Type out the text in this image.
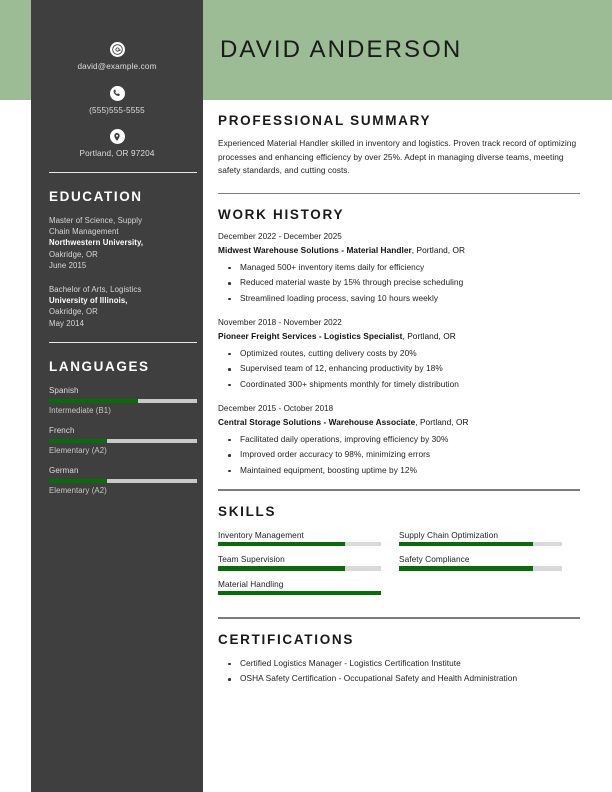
david@example.com
(555)555-5555
Portland, OR 97204
EDUCATION
Master of Science, Supply
Chain Management
Northwestern University,
Oakridge, OR
June 2015
Bachelor of Arts, Logistics
University of Illinois,
Oakridge, OR
May 2014
LANGUAGES
Spanish
Intermediate (B1)
French
Elementary (A2)
German
Elementary (A2)
DAVID ANDERSON
PROFESSIONAL SUMMARY

Experienced Material Handler skilled in inventory and logistics. Proven track record of optimizing processes and enhancing efficiency by over 25%. Adept in managing diverse teams, meeting safety standards, and cutting costs.

WORK HISTORY
December 2022 - December 2025
Midwest Warehouse Solutions - Material Handler, Portland, OR
Managed 500+ inventory items daily for efficiency
Reduced material waste by 15% through precise scheduling
Streamlined loading process, saving 10 hours weekly
November 2018 - November 2022
Pioneer Freight Services - Logistics Specialist, Portland, OR
Optimized routes, cutting delivery costs by 20%
Supervised team of 12, enhancing productivity by 18%
Coordinated 300+ shipments monthly for timely distribution
December 2015 - October 2018
Central Storage Solutions - Warehouse Associate, Portland, OR
Facilitated daily operations, improving efficiency by 30%
Improved order accuracy to 98%, minimizing errors
Maintained equipment, boosting uptime by 12%
SKILLS
Inventory Management
Team Supervision
Material Handling
Supply Chain Optimization
Safety Compliance
CERTIFICATIONS
Certified Logistics Manager - Logistics Certification Institute
OSHA Safety Certification - Occupational Safety and Health Administration
